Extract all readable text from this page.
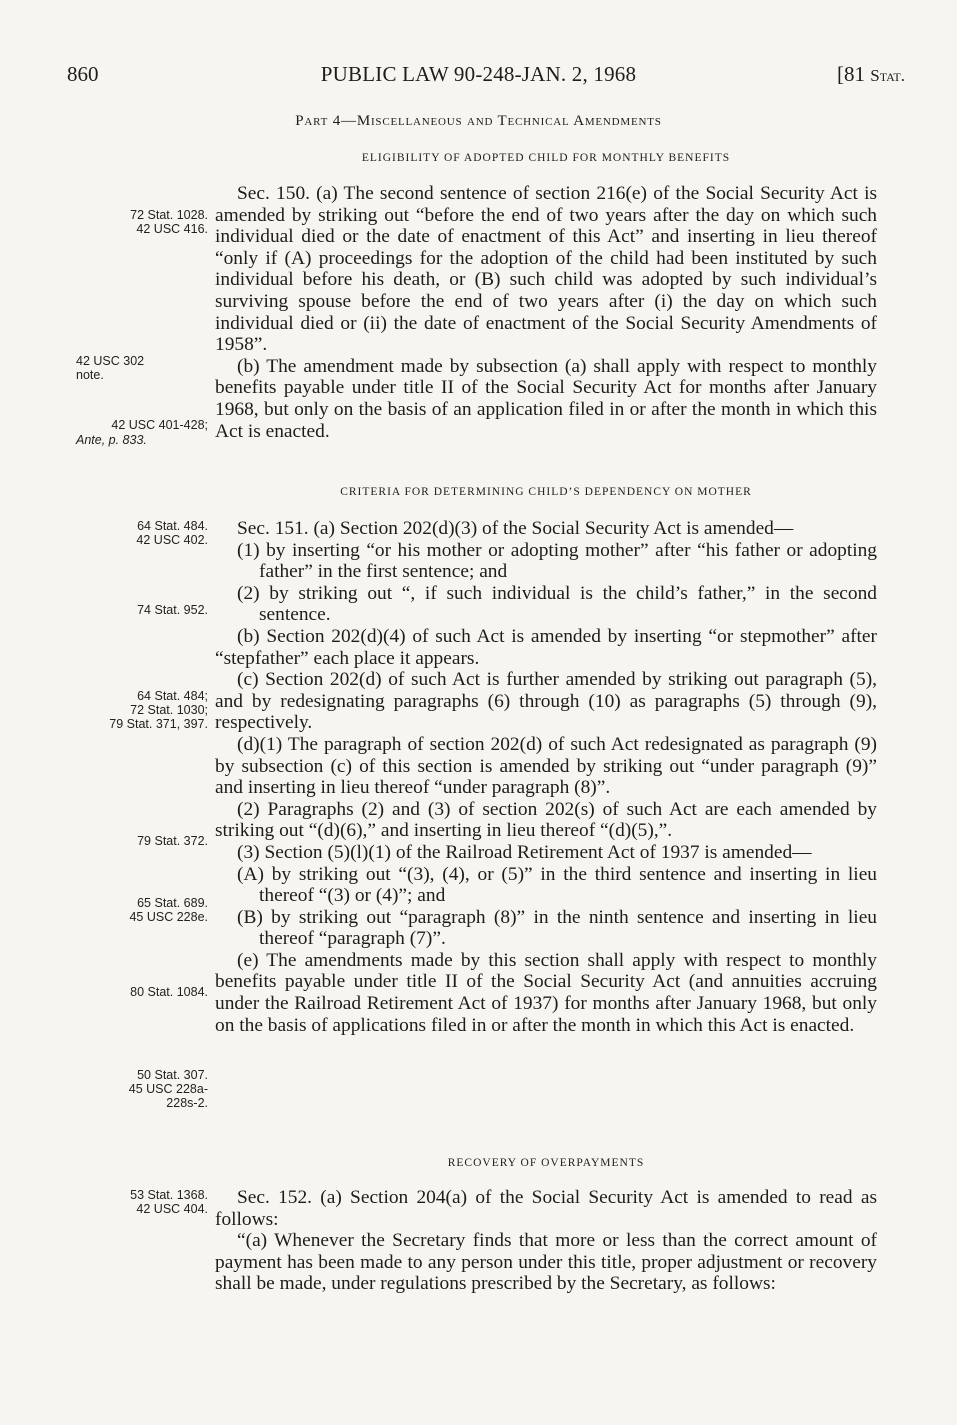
860	PUBLIC LAW 90-248-JAN. 2, 1968	[81 Stat.
Part 4—Miscellaneous and Technical Amendments
ELIGIBILITY OF ADOPTED CHILD FOR MONTHLY BENEFITS

Sec. 150. (a) The second sentence of section 216(e) of the Social Security Act is amended by striking out “before the end of two years after the day on which such individual died or the date of enactment of this Act” and inserting in lieu thereof “only if (A) proceedings for the adoption of the child had been instituted by such individual before his death, or (B) such child was adopted by such individual’s surviving spouse before the end of two years after (i) the day on which such individual died or (ii) the date of enactment of the Social Security Amendments of 1958”.

(b) The amendment made by subsection (a) shall apply with respect to monthly benefits payable under title II of the Social Security Act for months after January 1968, but only on the basis of an application filed in or after the month in which this Act is enacted.

CRITERIA FOR DETERMINING CHILD’S DEPENDENCY ON MOTHER

Sec. 151. (a) Section 202(d)(3) of the Social Security Act is amended—

(1) by inserting “or his mother or adopting mother” after “his father or adopting father” in the first sentence; and

(2) by striking out “, if such individual is the child’s father,” in the second sentence.

(b) Section 202(d)(4) of such Act is amended by inserting “or stepmother” after “stepfather” each place it appears.

(c) Section 202(d) of such Act is further amended by striking out paragraph (5), and by redesignating paragraphs (6) through (10) as paragraphs (5) through (9), respectively.

(d)(1) The paragraph of section 202(d) of such Act redesignated as paragraph (9) by subsection (c) of this section is amended by striking out “under paragraph (9)” and inserting in lieu thereof “under paragraph (8)”.

(2) Paragraphs (2) and (3) of section 202(s) of such Act are each amended by striking out “(d)(6),” and inserting in lieu thereof “(d)(5),”.

(3) Section (5)(l)(1) of the Railroad Retirement Act of 1937 is amended—

(A) by striking out “(3), (4), or (5)” in the third sentence and inserting in lieu thereof “(3) or (4)”; and

(B) by striking out “paragraph (8)” in the ninth sentence and inserting in lieu thereof “paragraph (7)”.

(e) The amendments made by this section shall apply with respect to monthly benefits payable under title II of the Social Security Act (and annuities accruing under the Railroad Retirement Act of 1937) for months after January 1968, but only on the basis of applications filed in or after the month in which this Act is enacted.

RECOVERY OF OVERPAYMENTS

Sec. 152. (a) Section 204(a) of the Social Security Act is amended to read as follows:

“(a) Whenever the Secretary finds that more or less than the correct amount of payment has been made to any person under this title, proper adjustment or recovery shall be made, under regulations prescribed by the Secretary, as follows:

72 Stat. 1028.
42 USC 416.
42 USC 302
note.
42 USC 401-428;
Ante, p. 833.
64 Stat. 484.
42 USC 402.
74 Stat. 952.
64 Stat. 484;
72 Stat. 1030;
79 Stat. 371, 397.
79 Stat. 372.
65 Stat. 689.
45 USC 228e.
80 Stat. 1084.
50 Stat. 307.
45 USC 228a-
228s-2.
53 Stat. 1368.
42 USC 404.
